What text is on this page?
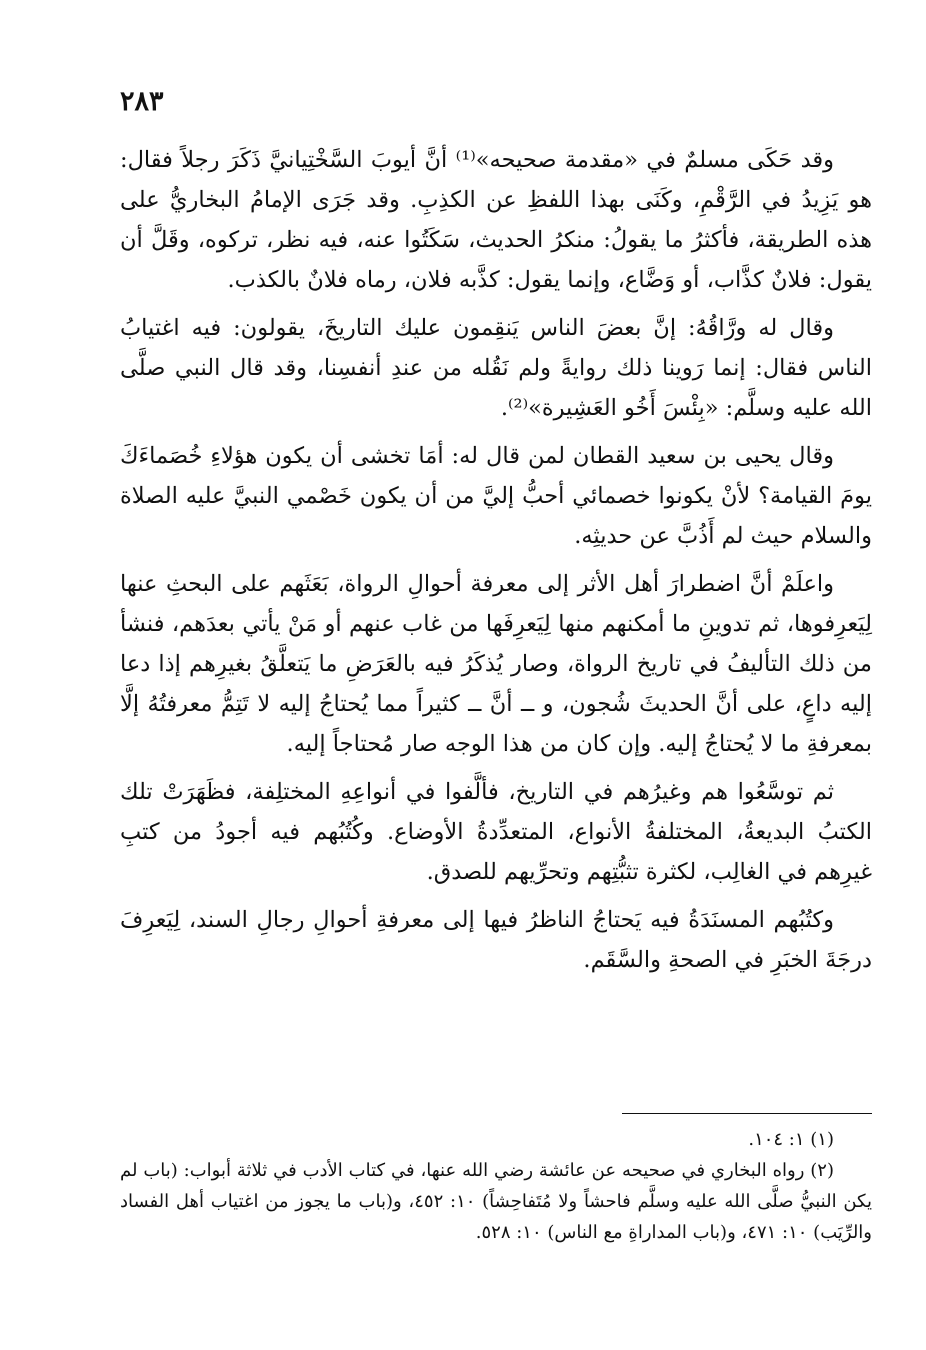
٢٨٣

وقد حَكَى مسلمٌ في «مقدمة صحيحه»⁽¹⁾ أنَّ أيوبَ السَّخْتِيانيَّ ذَكَرَ رجلاً فقال: هو يَزِيدُ في الرَّقْمِ، وكَنَى بهذا اللفظِ عن الكذِبِ. وقد جَرَى الإمامُ البخاريُّ على هذه الطريقة، فأكثرُ ما يقولُ: منكرُ الحديث، سَكَتُوا عنه، فيه نظر، تركوه، وقَلَّ أن يقول: فلانٌ كذَّاب، أو وَضَّاع، وإنما يقول: كذَّبه فلان، رماه فلانٌ بالكذب.

وقال له ورَّاقُهُ: إنَّ بعضَ الناس يَنقِمون عليك التاريخَ، يقولون: فيه اغتيابُ الناس فقال: إنما رَوينا ذلك روايةً ولم نَقُله من عندِ أنفسِنا، وقد قال النبي صلَّى الله عليه وسلَّم: «بِئْسَ أَخُو العَشِيرة»⁽²⁾.

وقال يحيى بن سعيد القطان لمن قال له: أمَا تخشى أن يكون هؤلاءِ خُصَماءَكَ يومَ القيامة؟ لأنْ يكونوا خصمائي أحبُّ إليَّ من أن يكون خَصْمي النبيَّ عليه الصلاة والسلام حيث لم أَذُبَّ عن حديثِه.

واعلَمْ أنَّ اضطرارَ أهل الأثر إلى معرفة أحوالِ الرواة، بَعَثَهم على البحثِ عنها لِيَعرِفوها، ثم تدوينِ ما أمكنهم منها لِيَعرِفَها من غاب عنهم أو مَنْ يأتي بعدَهم، فنشأ من ذلك التأليفُ في تاريخ الرواة، وصار يُذكَرُ فيه بالعَرَضِ ما يَتعلَّقُ بغيرِهم إذا دعا إليه داعٍ، على أنَّ الحديثَ شُجون، و ــ أنَّ ــ كثيراً مما يُحتاجُ إليه لا تَتِمُّ معرفتُهُ إلَّا بمعرفةِ ما لا يُحتاجُ إليه. وإن كان من هذا الوجه صار مُحتاجاً إليه.

ثم توسَّعُوا هم وغيرُهم في التاريخ، فألَّفوا في أنواعِهِ المختلِفة، فظَهَرَتْ تلك الكتبُ البديعةُ، المختلفةُ الأنواع، المتعدِّدةُ الأوضاع. وكُتُبُهم فيه أجودُ من كتبِ غيرِهم في الغالِب، لكثرة تثبُّتِهم وتحرِّيهم للصدق.

وكتُبُهم المسنَدَةُ فيه يَحتاجُ الناظرُ فيها إلى معرفةِ أحوالِ رجالِ السند، لِيَعرِفَ درجَةَ الخبَرِ في الصحةِ والسَّقَم.

(١) ١: ١٠٤.

(٢) رواه البخاري في صحيحه عن عائشة رضي الله عنها، في كتاب الأدب في ثلاثة أبواب: (باب لم يكن النبيُّ صلَّى الله عليه وسلَّم فاحشاً ولا مُتَفاحِشاً) ١٠: ٤٥٢، و(باب ما يجوز من اغتياب أهل الفساد والرِّيَب) ١٠: ٤٧١، و(باب المداراةِ مع الناس) ١٠: ٥٢٨.
